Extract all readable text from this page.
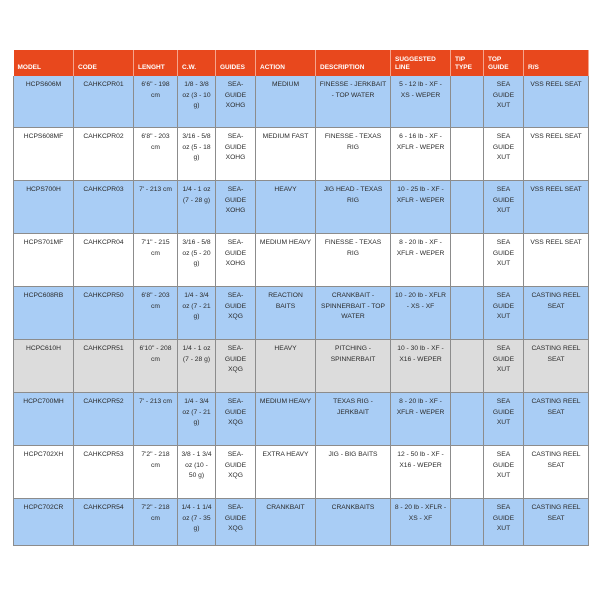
MODEL	CODE	LENGHT	C.W.	GUIDES	ACTION	DESCRIPTION	SUGGESTED LINE	TIP TYPE	TOP GUIDE	R/S
HCPS606M	CAHKCPR01	6'6" - 198 cm	1/8 - 3/8 oz (3 - 10 g)	SEA-GUIDE XOHG	MEDIUM	FINESSE - JERKBAIT - TOP WATER	5 - 12 lb - XF - XS - WEPER		SEA GUIDE XUT	VSS REEL SEAT
HCPS608MF	CAHKCPR02	6'8" - 203 cm	3/16 - 5/8 oz (5 - 18 g)	SEA-GUIDE XOHG	MEDIUM FAST	FINESSE - TEXAS RIG	6 - 16 lb - XF - XFLR - WEPER		SEA GUIDE XUT	VSS REEL SEAT
HCPS700H	CAHKCPR03	7' - 213 cm	1/4 - 1 oz (7 - 28 g)	SEA-GUIDE XOHG	HEAVY	JIG HEAD - TEXAS RIG	10 - 25 lb - XF - XFLR - WEPER		SEA GUIDE XUT	VSS REEL SEAT
HCPS701MF	CAHKCPR04	7'1" - 215 cm	3/16 - 5/8 oz (5 - 20 g)	SEA-GUIDE XOHG	MEDIUM HEAVY	FINESSE - TEXAS RIG	8 - 20 lb - XF - XFLR - WEPER		SEA GUIDE XUT	VSS REEL SEAT
HCPC608RB	CAHKCPR50	6'8" - 203 cm	1/4 - 3/4 oz (7 - 21 g)	SEA-GUIDE XQG	REACTION BAITS	CRANKBAIT - SPINNERBAIT - TOP WATER	10 - 20 lb - XFLR - XS - XF		SEA GUIDE XUT	CASTING REEL SEAT
HCPC610H	CAHKCPR51	6'10" - 208 cm	1/4 - 1 oz (7 - 28 g)	SEA-GUIDE XQG	HEAVY	PITCHING - SPINNERBAIT	10 - 30 lb - XF - X16 - WEPER		SEA GUIDE XUT	CASTING REEL SEAT
HCPC700MH	CAHKCPR52	7' - 213 cm	1/4 - 3/4 oz (7 - 21 g)	SEA-GUIDE XQG	MEDIUM HEAVY	TEXAS RIG - JERKBAIT	8 - 20 lb - XF - XFLR - WEPER		SEA GUIDE XUT	CASTING REEL SEAT
HCPC702XH	CAHKCPR53	7'2" - 218 cm	3/8 - 1 3/4 oz (10 - 50 g)	SEA-GUIDE XQG	EXTRA HEAVY	JIG - BIG BAITS	12 - 50 lb - XF - X16 - WEPER		SEA GUIDE XUT	CASTING REEL SEAT
HCPC702CR	CAHKCPR54	7'2" - 218 cm	1/4 - 1 1/4 oz (7 - 35 g)	SEA-GUIDE XQG	CRANKBAIT	CRANKBAITS	8 - 20 lb - XFLR - XS - XF		SEA GUIDE XUT	CASTING REEL SEAT
